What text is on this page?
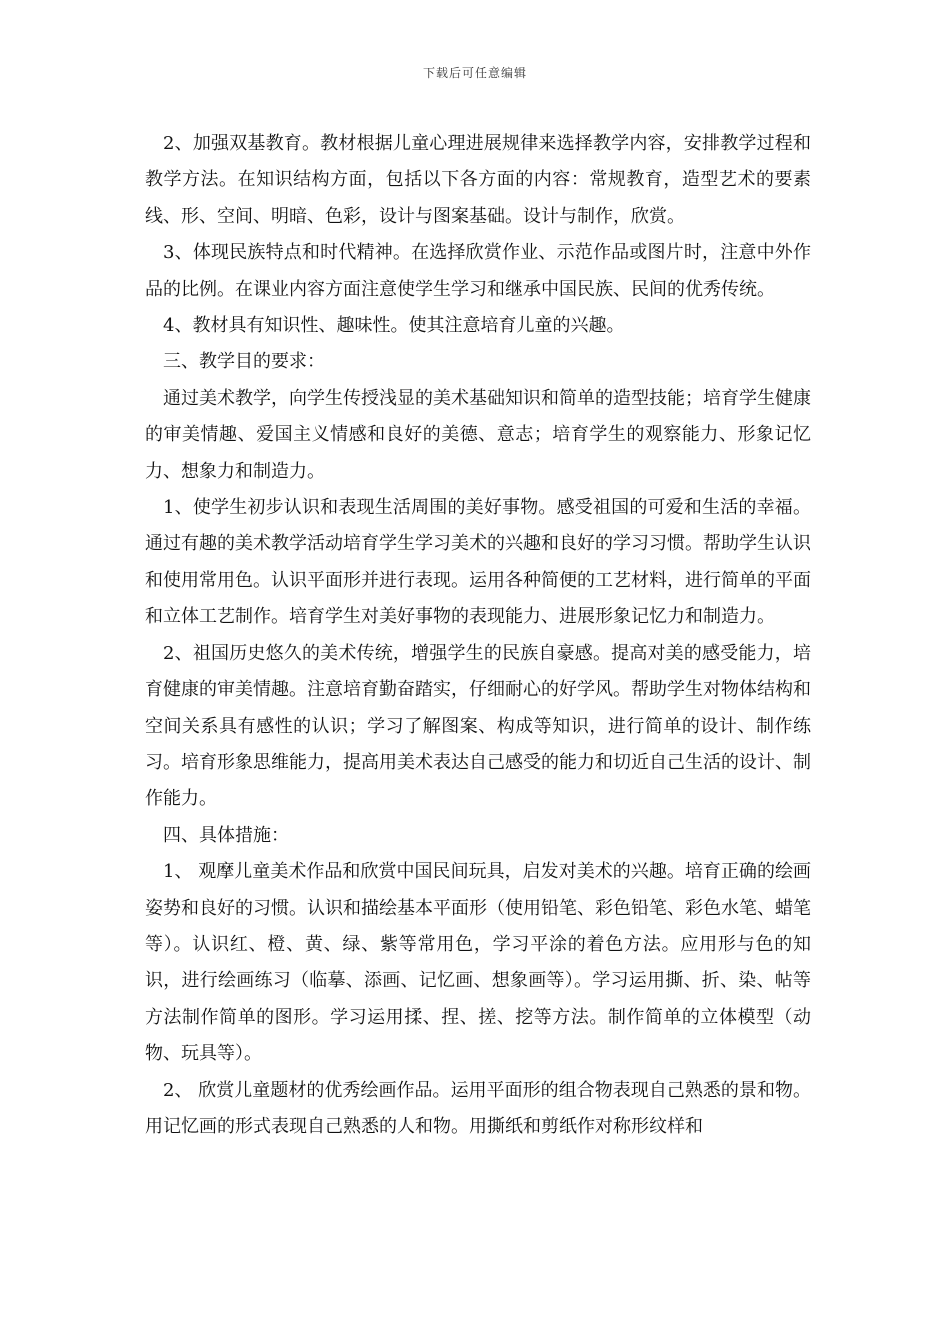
下载后可任意编辑

2、加强双基教育。教材根据儿童心理进展规律来选择教学内容，安排教学过程和教学方法。在知识结构方面，包括以下各方面的内容：常规教育，造型艺术的要素线、形、空间、明暗、色彩，设计与图案基础。设计与制作，欣赏。

3、体现民族特点和时代精神。在选择欣赏作业、示范作品或图片时，注意中外作品的比例。在课业内容方面注意使学生学习和继承中国民族、民间的优秀传统。

4、教材具有知识性、趣味性。使其注意培育儿童的兴趣。

三、教学目的要求：

通过美术教学，向学生传授浅显的美术基础知识和简单的造型技能；培育学生健康的审美情趣、爱国主义情感和良好的美德、意志；培育学生的观察能力、形象记忆力、想象力和制造力。

1、使学生初步认识和表现生活周围的美好事物。感受祖国的可爱和生活的幸福。通过有趣的美术教学活动培育学生学习美术的兴趣和良好的学习习惯。帮助学生认识和使用常用色。认识平面形并进行表现。运用各种简便的工艺材料，进行简单的平面和立体工艺制作。培育学生对美好事物的表现能力、进展形象记忆力和制造力。

2、祖国历史悠久的美术传统，增强学生的民族自豪感。提高对美的感受能力，培育健康的审美情趣。注意培育勤奋踏实，仔细耐心的好学风。帮助学生对物体结构和空间关系具有感性的认识；学习了解图案、构成等知识，进行简单的设计、制作练习。培育形象思维能力，提高用美术表达自己感受的能力和切近自己生活的设计、制作能力。

四、具体措施：

1、 观摩儿童美术作品和欣赏中国民间玩具，启发对美术的兴趣。培育正确的绘画姿势和良好的习惯。认识和描绘基本平面形（使用铅笔、彩色铅笔、彩色水笔、蜡笔等）。认识红、橙、黄、绿、紫等常用色，学习平涂的着色方法。应用形与色的知识，进行绘画练习（临摹、添画、记忆画、想象画等）。学习运用撕、折、染、帖等方法制作简单的图形。学习运用揉、捏、搓、挖等方法。制作简单的立体模型（动物、玩具等）。

2、 欣赏儿童题材的优秀绘画作品。运用平面形的组合物表现自己熟悉的景和物。用记忆画的形式表现自己熟悉的人和物。用撕纸和剪纸作对称形纹样和
